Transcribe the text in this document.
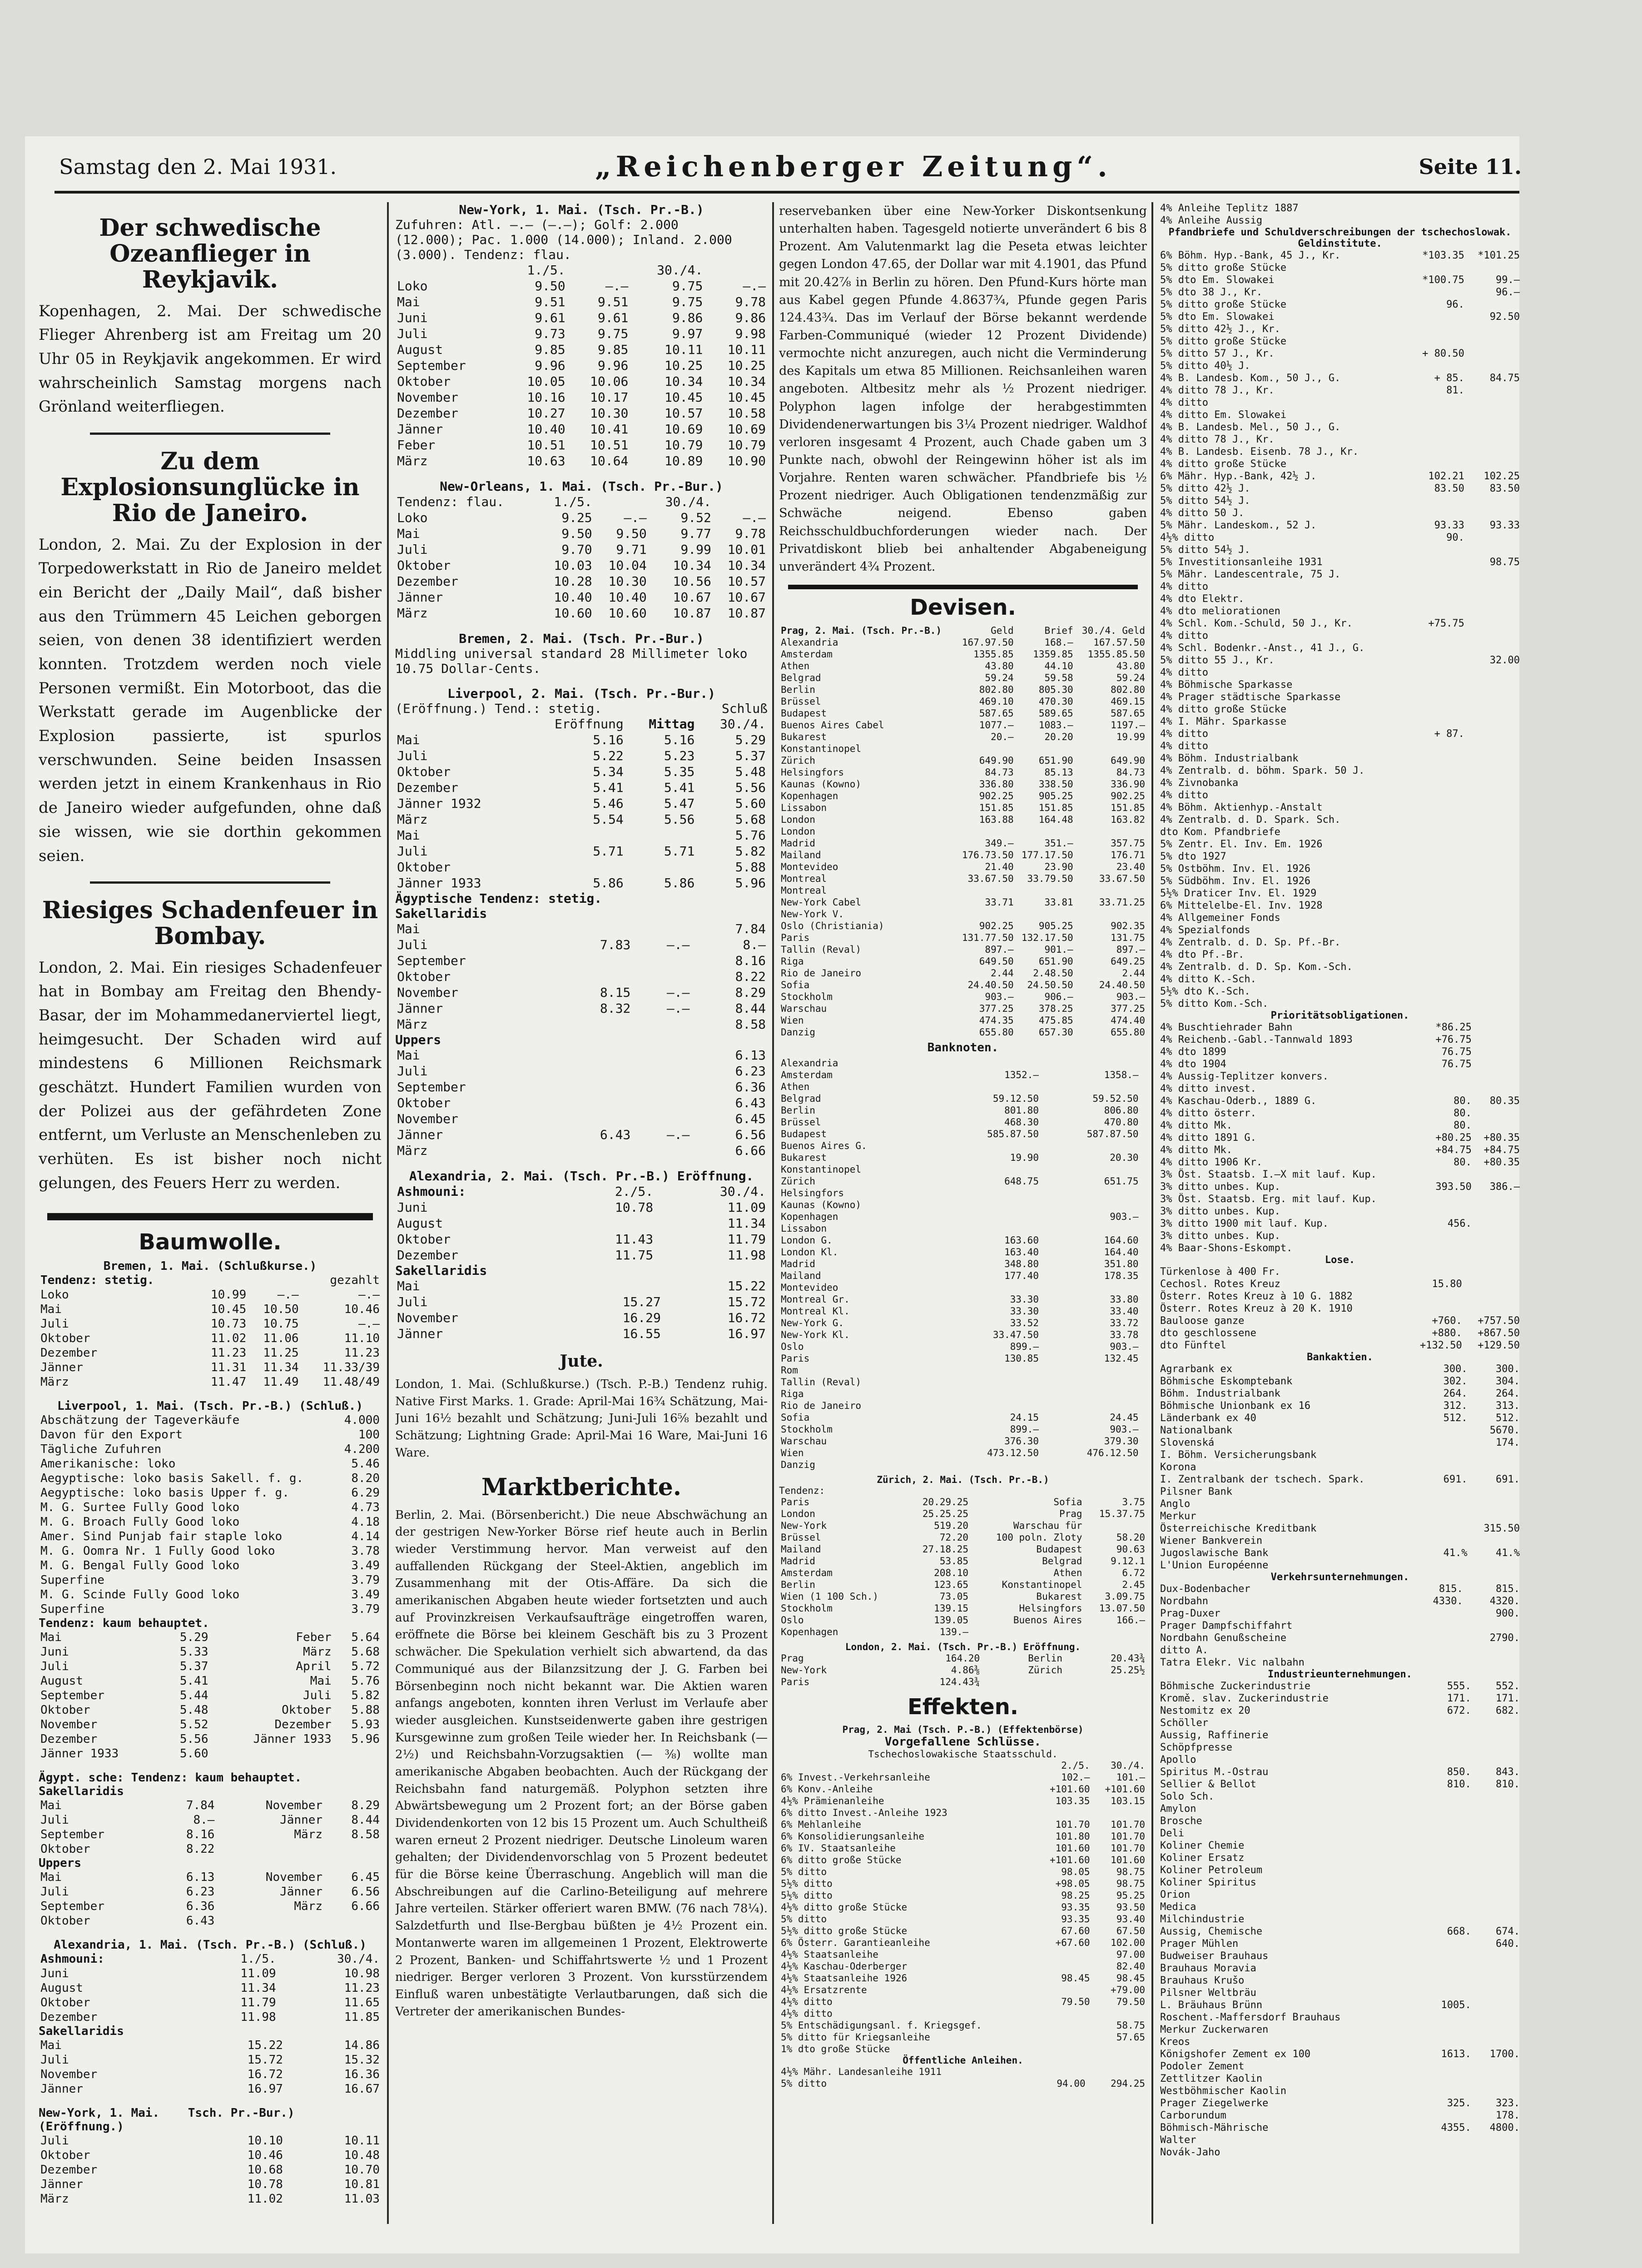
Samstag den 2. Mai 1931.	„Reichenberger Zeitung“.	Seite 11.
Der schwedische Ozeanflieger in Reykjavik.

Kopenhagen, 2. Mai. Der schwedische Flieger Ahrenberg ist am Freitag um 20 Uhr 05 in Reykjavik angekommen. Er wird wahrscheinlich Samstag morgens nach Grönland weiterfliegen.

Zu dem Explosionsunglücke in Rio de Janeiro.

London, 2. Mai. Zu der Explosion in der Torpedowerkstatt in Rio de Janeiro meldet ein Bericht der „Daily Mail“, daß bisher aus den Trümmern 45 Leichen geborgen seien, von denen 38 identifiziert werden konnten. Trotzdem werden noch viele Personen vermißt. Ein Motorboot, das die Werkstatt gerade im Augenblicke der Explosion passierte, ist spurlos verschwunden. Seine beiden Insassen werden jetzt in einem Krankenhaus in Rio de Janeiro wieder aufgefunden, ohne daß sie wissen, wie sie dorthin gekommen seien.

Riesiges Schadenfeuer in Bombay.

London, 2. Mai. Ein riesiges Schadenfeuer hat in Bombay am Freitag den Bhendy-Basar, der im Mohammedanerviertel liegt, heimgesucht. Der Schaden wird auf mindestens 6 Millionen Reichsmark geschätzt. Hundert Familien wurden von der Polizei aus der gefährdeten Zone entfernt, um Verluste an Menschenleben zu verhüten. Es ist bisher noch nicht gelungen, des Feuers Herr zu werden.

Baumwolle.
Bremen, 1. Mai. (Schlußkurse.)
Tendenz: stetig.			gezahlt
Loko	10.99	—.—	—.—
Mai	10.45	10.50	10.46
Juli	10.73	10.75	—.—
Oktober	11.02	11.06	11.10
Dezember	11.23	11.25	11.23
Jänner	11.31	11.34	11.33/39
März	11.47	11.49	11.48/49
Liverpool, 1. Mai. (Tsch. Pr.-B.) (Schluß.)
Abschätzung der Tageverkäufe	4.000
Davon für den Export	100
Tägliche Zufuhren	4.200
Amerikanische: loko	5.46
Aegyptische: loko basis Sakell. f. g.	8.20
Aegyptische: loko basis Upper f. g.	6.29
M. G. Surtee Fully Good loko	4.73
M. G. Broach Fully Good loko	4.18
Amer. Sind Punjab fair staple loko	4.14
M. G. Oomra Nr. 1 Fully Good loko	3.78
M. G. Bengal Fully Good loko	3.49
Superfine	3.79
M. G. Scinde Fully Good loko	3.49
Superfine	3.79
Tendenz: kaum behauptet.
Mai	5.29	Feber	5.64
Juni	5.33	März	5.68
Juli	5.37	April	5.72
August	5.41	Mai	5.76
September	5.44	Juli	5.82
Oktober	5.48	Oktober	5.88
November	5.52	Dezember	5.93
Dezember	5.56	Jänner 1933	5.96
Jänner 1933	5.60		
Ägypt. sche: Tendenz: kaum behauptet.
Sakellaridis
Mai	7.84	November	8.29
Juli	8.—	Jänner	8.44
September	8.16	März	8.58
Oktober	8.22		
Uppers
Mai	6.13	November	6.45
Juli	6.23	Jänner	6.56
September	6.36	März	6.66
Oktober	6.43		
Alexandria, 1. Mai. (Tsch. Pr.-B.) (Schluß.)
Ashmouni:	1./5.	30./4.
Juni	11.09	10.98
August	11.34	11.23
Oktober	11.79	11.65
Dezember	11.98	11.85
Sakellaridis
Mai	15.22	14.86
Juli	15.72	15.32
November	16.72	16.36
Jänner	16.97	16.67
New-York, 1. Mai. Tsch. Pr.-Bur.)
(Eröffnung.)
Juli	10.10	10.11
Oktober	10.46	10.48
Dezember	10.68	10.70
Jänner	10.78	10.81
März	11.02	11.03
New-York, 1. Mai. (Tsch. Pr.-B.)
Zufuhren: Atl. —.— (—.—); Golf: 2.000
(12.000); Pac. 1.000 (14.000); Inland. 2.000
(3.000). Tendenz: flau.
	1./5.		30./4.	
Loko	9.50	—.—	9.75	—.—
Mai	9.51	9.51	9.75	9.78
Juni	9.61	9.61	9.86	9.86
Juli	9.73	9.75	9.97	9.98
August	9.85	9.85	10.11	10.11
September	9.96	9.96	10.25	10.25
Oktober	10.05	10.06	10.34	10.34
November	10.16	10.17	10.45	10.45
Dezember	10.27	10.30	10.57	10.58
Jänner	10.40	10.41	10.69	10.69
Feber	10.51	10.51	10.79	10.79
März	10.63	10.64	10.89	10.90
New-Orleans, 1. Mai. (Tsch. Pr.-Bur.)
Tendenz: flau.	1./5.		30./4.	
Loko	9.25	—.—	9.52	—.—
Mai	9.50	9.50	9.77	9.78
Juli	9.70	9.71	9.99	10.01
Oktober	10.03	10.04	10.34	10.34
Dezember	10.28	10.30	10.56	10.57
Jänner	10.40	10.40	10.67	10.67
März	10.60	10.60	10.87	10.87
Bremen, 2. Mai. (Tsch. Pr.-Bur.)
Middling universal standard 28 Millimeter loko
10.75 Dollar-Cents.
Liverpool, 2. Mai. (Tsch. Pr.-Bur.)
(Eröffnung.) Tend.: stetig.	Schluß
	Eröffnung	Mittag	30./4.
Mai	5.16	5.16	5.29
Juli	5.22	5.23	5.37
Oktober	5.34	5.35	5.48
Dezember	5.41	5.41	5.56
Jänner 1932	5.46	5.47	5.60
März	5.54	5.56	5.68
Mai			5.76
Juli	5.71	5.71	5.82
Oktober			5.88
Jänner 1933	5.86	5.86	5.96
Ägyptische Tendenz: stetig.
Sakellaridis
Mai			7.84
Juli	7.83	—.—	8.—
September			8.16
Oktober			8.22
November	8.15	—.—	8.29
Jänner	8.32	—.—	8.44
März			8.58
Uppers
Mai			6.13
Juli			6.23
September			6.36
Oktober			6.43
November			6.45
Jänner	6.43	—.—	6.56
März			6.66
Alexandria, 2. Mai. (Tsch. Pr.-B.) Eröffnung.
Ashmouni:	2./5.	30./4.
Juni	10.78	11.09
August		11.34
Oktober	11.43	11.79
Dezember	11.75	11.98
Sakellaridis
Mai		15.22
Juli	15.27	15.72
November	16.29	16.72
Jänner	16.55	16.97
Jute.

London, 1. Mai. (Schlußkurse.) (Tsch. P.-B.) Tendenz ruhig. Native First Marks. 1. Grade: April-Mai 16¾ Schätzung, Mai-Juni 16½ bezahlt und Schätzung; Juni-Juli 16⅝ bezahlt und Schätzung; Lightning Grade: April-Mai 16 Ware, Mai-Juni 16 Ware.

Marktberichte.

Berlin, 2. Mai. (Börsenbericht.) Die neue Abschwächung an der gestrigen New-Yorker Börse rief heute auch in Berlin wieder Verstimmung hervor. Man verweist auf den auffallenden Rückgang der Steel-Aktien, angeblich im Zusammenhang mit der Otis-Affäre. Da sich die amerikanischen Abgaben heute wieder fortsetzten und auch auf Provinzkreisen Verkaufsaufträge eingetroffen waren, eröffnete die Börse bei kleinem Geschäft bis zu 3 Prozent schwächer. Die Spekulation verhielt sich abwartend, da das Communiqué aus der Bilanzsitzung der J. G. Farben bei Börsenbeginn noch nicht bekannt war. Die Aktien waren anfangs angeboten, konnten ihren Verlust im Verlaufe aber wieder ausgleichen. Kunstseidenwerte gaben ihre gestrigen Kursgewinne zum großen Teile wieder her. In Reichsbank (— 2½) und Reichsbahn-Vorzugsaktien (— ⅜) wollte man amerikanische Abgaben beobachten. Auch der Rückgang der Reichsbahn fand naturgemäß. Polyphon setzten ihre Abwärtsbewegung um 2 Prozent fort; an der Börse gaben Dividendenkorten von 12 bis 15 Prozent um. Auch Schultheiß waren erneut 2 Prozent niedriger. Deutsche Linoleum waren gehalten; der Dividendenvorschlag von 5 Prozent bedeutet für die Börse keine Überraschung. Angeblich will man die Abschreibungen auf die Carlino-Beteiligung auf mehrere Jahre verteilen. Stärker offeriert waren BMW. (76 nach 78¼). Salzdetfurth und Ilse-Bergbau büßten je 4½ Prozent ein. Montanwerte waren im allgemeinen 1 Prozent, Elektrowerte 2 Prozent, Banken- und Schiffahrtswerte ½ und 1 Prozent niedriger. Berger verloren 3 Prozent. Von kursstürzendem Einfluß waren unbestätigte Verlautbarungen, daß sich die Vertreter der amerikanischen Bundes-

reservebanken über eine New-Yorker Diskontsenkung unterhalten haben. Tagesgeld notierte unverändert 6 bis 8 Prozent. Am Valutenmarkt lag die Peseta etwas leichter gegen London 47.65, der Dollar war mit 4.1901, das Pfund mit 20.42⅞ in Berlin zu hören. Den Pfund-Kurs hörte man aus Kabel gegen Pfunde 4.8637¾, Pfunde gegen Paris 124.43¾. Das im Verlauf der Börse bekannt werdende Farben-Communiqué (wieder 12 Prozent Dividende) vermochte nicht anzuregen, auch nicht die Verminderung des Kapitals um etwa 85 Millionen. Reichsanleihen waren angeboten. Altbesitz mehr als ½ Prozent niedriger. Polyphon lagen infolge der herabgestimmten Dividendenerwartungen bis 3¼ Prozent niedriger. Waldhof verloren insgesamt 4 Prozent, auch Chade gaben um 3 Punkte nach, obwohl der Reingewinn höher ist als im Vorjahre. Renten waren schwächer. Pfandbriefe bis ½ Prozent niedriger. Auch Obligationen tendenzmäßig zur Schwäche neigend. Ebenso gaben Reichsschuldbuchforderungen wieder nach. Der Privatdiskont blieb bei anhaltender Abgabeneigung unverändert 4¾ Prozent.

Devisen.
Prag, 2. Mai. (Tsch. Pr.-B.)	Geld	Brief	30./4. Geld
Alexandria	167.97.50	168.—	167.57.50
Amsterdam	1355.85	1359.85	1355.85.50
Athen	43.80	44.10	43.80
Belgrad	59.24	59.58	59.24
Berlin	802.80	805.30	802.80
Brüssel	469.10	470.30	469.15
Budapest	587.65	589.65	587.65
Buenos Aires Cabel	1077.—	1083.—	1197.—
Bukarest	20.—	20.20	19.99
Konstantinopel			
Zürich	649.90	651.90	649.90
Helsingfors	84.73	85.13	84.73
Kaunas (Kowno)	336.80	338.50	336.90
Kopenhagen	902.25	905.25	902.25
Lissabon	151.85	151.85	151.85
London	163.88	164.48	163.82
London			
Madrid	349.—	351.—	357.75
Mailand	176.73.50	177.17.50	176.71
Montevideo	21.40	23.90	23.40
Montreal	33.67.50	33.79.50	33.67.50
Montreal			
New-York Cabel	33.71	33.81	33.71.25
New-York V.			
Oslo (Christiania)	902.25	905.25	902.35
Paris	131.77.50	132.17.50	131.75
Tallin (Reval)	897.—	901.—	897.—
Riga	649.50	651.90	649.25
Rio de Janeiro	2.44	2.48.50	2.44
Sofia	24.40.50	24.50.50	24.40.50
Stockholm	903.—	906.—	903.—
Warschau	377.25	378.25	377.25
Wien	474.35	475.85	474.40
Danzig	655.80	657.30	655.80
Banknoten.
Alexandria			
Amsterdam	1352.—	1358.—	
Athen			
Belgrad	59.12.50	59.52.50	
Berlin	801.80	806.80	
Brüssel	468.30	470.80	
Budapest	585.87.50	587.87.50	
Buenos Aires G.			
Bukarest	19.90	20.30	
Konstantinopel			
Zürich	648.75	651.75	
Helsingfors			
Kaunas (Kowno)			
Kopenhagen		903.—	
Lissabon			
London G.	163.60	164.60	
London Kl.	163.40	164.40	
Madrid	348.80	351.80	
Mailand	177.40	178.35	
Montevideo			
Montreal Gr.	33.30	33.80	
Montreal Kl.	33.30	33.40	
New-York G.	33.52	33.72	
New-York Kl.	33.47.50	33.78	
Oslo	899.—	903.—	
Paris	130.85	132.45	
Rom			
Tallin (Reval)			
Riga			
Rio de Janeiro			
Sofia	24.15	24.45	
Stockholm	899.—	903.—	
Warschau	376.30	379.30	
Wien	473.12.50	476.12.50	
Danzig			
Zürich, 2. Mai. (Tsch. Pr.-B.)
Tendenz:
Paris	20.29.25	Sofia	3.75
London	25.25.25	Prag	15.37.75
New-York	519.20	Warschau für	
Brüssel	72.20	100 poln. Zloty	58.20
Mailand	27.18.25	Budapest	90.63
Madrid	53.85	Belgrad	9.12.1
Amsterdam	208.10	Athen	6.72
Berlin	123.65	Konstantinopel	2.45
Wien (1 100 Sch.)	73.05	Bukarest	3.09.75
Stockholm	139.15	Helsingfors	13.07.50
Oslo	139.05	Buenos Aires	166.—
Kopenhagen	139.—		
London, 2. Mai. (Tsch. Pr.-B.) Eröffnung.
Prag	164.20	Berlin	20.43¾
New-York	4.86⅜	Zürich	25.25½
Paris	124.43¾		
Effekten.
Prag, 2. Mai (Tsch. P.-B.) (Effektenbörse)
Vorgefallene Schlüsse.
Tschechoslowakische Staatsschuld.
	2./5.	30./4.
6% Invest.-Verkehrsanleihe	102.—	101.—
6% Konv.-Anleihe	+101.60	+101.60
4½% Prämienanleihe	103.35	103.15
6% ditto Invest.-Anleihe 1923		
6% Mehlanleihe	101.70	101.70
6% Konsolidierungsanleihe	101.80	101.70
6% IV. Staatsanleihe	101.60	101.70
6% ditto große Stücke	+101.60	101.60
5% ditto	98.05	98.75
5½% ditto	+98.05	98.75
5½% ditto	98.25	95.25
4½% ditto große Stücke	93.35	93.50
5% ditto	93.35	93.40
5½% ditto große Stücke	67.60	67.50
6% Österr. Garantieanleihe	+67.60	102.00
4½% Staatsanleihe		97.00
4½% Kaschau-Oderberger		82.40
4½% Staatsanleihe 1926	98.45	98.45
4½% Ersatzrente		+79.00
4½% ditto	79.50	79.50
4½% ditto		
5% Entschädigungsanl. f. Kriegsgef.		58.75
5% ditto für Kriegsanleihe		57.65
1% dto große Stücke		
Öffentliche Anleihen.
4½% Mähr. Landesanleihe 1911		
5% ditto	94.00	294.25
4% Anleihe Teplitz 1887		
4% Anleihe Aussig		
Pfandbriefe und Schuldverschreibungen der tschechoslowak. Geldinstitute.
6% Böhm. Hyp.-Bank, 45 J., Kr.	*103.35	*101.25
5% ditto große Stücke		
5% dto Em. Slowakei	*100.75	99.—
5% dto 38 J., Kr.		96.—
5% ditto große Stücke	96.	
5% dto Em. Slowakei		92.50
5% ditto 42½ J., Kr.		
5% ditto große Stücke		
5% ditto 57 J., Kr.	+ 80.50	
5% ditto 40½ J.		
4% B. Landesb. Kom., 50 J., G.	+ 85.	84.75
4% ditto 78 J., Kr.	81.	
4% ditto		
4% ditto Em. Slowakei		
4% B. Landesb. Mel., 50 J., G.		
4% ditto 78 J., Kr.		
4% B. Landesb. Eisenb. 78 J., Kr.		
4% ditto große Stücke		
6% Mähr. Hyp.-Bank, 42½ J.	102.21	102.25
5% ditto 42½ J.	83.50	83.50
5% ditto 54½ J.		
4% ditto 50 J.		
5% Mähr. Landeskom., 52 J.	93.33	93.33
4½% ditto	90.	
5% ditto 54½ J.		
5% Investitionsanleihe 1931		98.75
5% Mähr. Landescentrale, 75 J.		
4% ditto		
4% dto Elektr.		
4% dto meliorationen		
4% Schl. Kom.-Schuld, 50 J., Kr.	+75.75	
4% ditto		
4% Schl. Bodenkr.-Anst., 41 J., G.		
5% ditto 55 J., Kr.		32.00
4% ditto		
4% Böhmische Sparkasse		
4% Prager städtische Sparkasse		
4% ditto große Stücke		
4% I. Mähr. Sparkasse		
4% ditto	+ 87.	
4% ditto		
4% Böhm. Industrialbank		
4% Zentralb. d. böhm. Spark. 50 J.		
4% Zivnobanka		
4% ditto		
4% Böhm. Aktienhyp.-Anstalt		
4% Zentralb. d. D. Spark. Sch.		
dto Kom. Pfandbriefe		
5% Zentr. El. Inv. Em. 1926		
5% dto 1927		
5% Ostböhm. Inv. El. 1926		
5% Südböhm. Inv. El. 1926		
5½% Draticer Inv. El. 1929		
6% Mittelelbe-El. Inv. 1928		
4% Allgemeiner Fonds		
4% Spezialfonds		
4% Zentralb. d. D. Sp. Pf.-Br.		
4% dto Pf.-Br.		
4% Zentralb. d. D. Sp. Kom.-Sch.		
4% ditto K.-Sch.		
5½% dto K.-Sch.		
5% ditto Kom.-Sch.		
Prioritätsobligationen.
4% Buschtiehrader Bahn	*86.25	
4% Reichenb.-Gabl.-Tannwald 1893	+76.75	
4% dto 1899	76.75	
4% dto 1904	76.75	
4% Aussig-Teplitzer konvers.		
4% ditto invest.		
4% Kaschau-Oderb., 1889 G.	80.	80.35
4% ditto österr.	80.	
4% ditto Mk.	80.	
4% ditto 1891 G.	+80.25	+80.35
4% ditto Mk.	+84.75	+84.75
4% ditto 1906 Kr.	80.	+80.35
3% Öst. Staatsb. I.–X mit lauf. Kup.		
3% ditto unbes. Kup.	393.50	386.—
3% Öst. Staatsb. Erg. mit lauf. Kup.		
3% ditto unbes. Kup.		
3% ditto 1900 mit lauf. Kup.	456.	
3% ditto unbes. Kup.		
4% Baar-Shons-Eskompt.		
Lose.
Türkenlose à 400 Fr.		
Cechosl. Rotes Kreuz	15.80	
Österr. Rotes Kreuz à 10 G. 1882		
Österr. Rotes Kreuz à 20 K. 1910		
Bauloose ganze	+760.	+757.50
dto geschlossene	+880.	+867.50
dto Fünftel	+132.50	+129.50
Bankaktien.
Agrarbank ex	300.	300.
Böhmische Eskomptebank	302.	304.
Böhm. Industrialbank	264.	264.
Böhmische Unionbank ex 16	312.	313.
Länderbank ex 40	512.	512.
Nationalbank		5670.
Slovenská		174.
I. Böhm. Versicherungsbank		
Korona		
I. Zentralbank der tschech. Spark.	691.	691.
Pilsner Bank		
Anglo		
Merkur		
Österreichische Kreditbank		315.50
Wiener Bankverein		
Jugoslawische Bank	41.%	41.%
L'Union Européenne		
Verkehrsunternehmungen.
Dux-Bodenbacher	815.	815.
Nordbahn	4330.	4320.
Prag-Duxer		900.
Prager Dampfschiffahrt		
Nordbahn Genußscheine		2790.
ditto A.		
Tatra Elekr. Vic nalbahn		
Industrieunternehmungen.
Böhmische Zuckerindustrie	555.	552.
Kromě. slav. Zuckerindustrie	171.	171.
Nestomitz ex 20	672.	682.
Schöller		
Aussig, Raffinerie		
Schöpfpresse		
Apollo		
Spiritus M.-Ostrau	850.	843.
Sellier & Bellot	810.	810.
Solo Sch.		
Amylon		
Brosche		
Deli		
Koliner Chemie		
Koliner Ersatz		
Koliner Petroleum		
Koliner Spiritus		
Orion		
Medica		
Milchindustrie		
Aussig, Chemische	668.	674.
Prager Mühlen		640.
Budweiser Brauhaus		
Brauhaus Moravia		
Brauhaus Krušo		
Pilsner Weltbräu		
L. Bräuhaus Brünn	1005.	
Roschent.-Maffersdorf Brauhaus		
Merkur Zuckerwaren		
Kreos		
Königshofer Zement ex 100	1613.	1700.
Podoler Zement		
Zettlitzer Kaolin		
Westböhmischer Kaolin		
Prager Ziegelwerke	325.	323.
Carborundum		178.
Böhmisch-Mährische	4355.	4800.
Walter		
Novák-Jaho		
